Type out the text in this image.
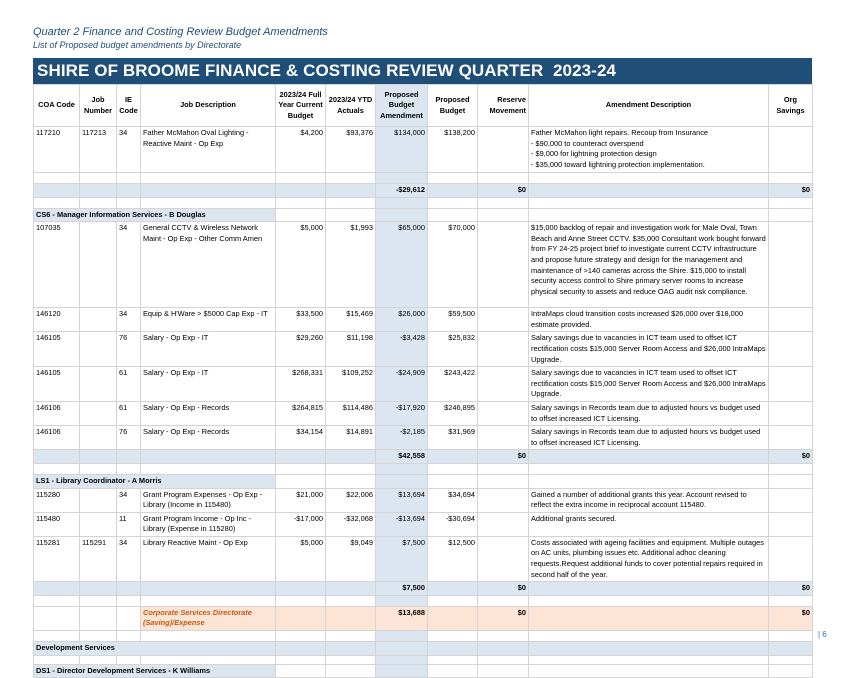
Quarter 2 Finance and Costing Review Budget Amendments
List of Proposed budget amendments by Directorate
SHIRE OF BROOME FINANCE & COSTING REVIEW QUARTER  2023-24
COA Code	Job Number	IE Code	Job Description	2023/24 Full Year Current Budget	2023/24 YTD Actuals	Proposed Budget Amendment	Proposed Budget	Reserve Movement	Amendment Description	Org Savings
117210	117213	34	Father McMahon Oval Lighting - Reactive Maint - Op Exp	$4,200	$93,376	$134,000	$138,200		Father McMahon light repairs. Recoup from Insurance
- $90,000 to counteract overspend
- $9,000 for lightning protection design
- $35,000 toward lightning protection implementation.	

						-$29,612		$0		$0

CS6 - Manager Information Services - B Douglas										
107035		34	General CCTV & Wireless Network Maint - Op Exp - Other Comm Amen	$5,000	$1,993	$65,000	$70,000		$15,000 backlog of repair and investigation work for Male Oval, Town Beach and Anne Street CCTV. $35,000 Consultant work bought forward from FY 24-25 project brief to investigate current CCTV infrastructure and propose future strategy and design for the management and maintenance of >140 cameras across the Shire. $15,000 to install security access control to Shire primary server rooms to increase physical security to assets and reduce OAG audit risk compliance.	
146120		34	Equip & H'Ware > $5000 Cap Exp - IT	$33,500	$15,469	$26,000	$59,500		IntraMaps cloud transition costs increased $26,000 over $18,000 estimate provided.	
146105		76	Salary - Op Exp - IT	$29,260	$11,198	-$3,428	$25,832		Salary savings due to vacancies in ICT team used to offset ICT rectification costs $15,000 Server Room Access and $26,000 IntraMaps Upgrade.	
146105		61	Salary - Op Exp - IT	$268,331	$109,252	-$24,909	$243,422		Salary savings due to vacancies in ICT team used to offset ICT rectification costs $15,000 Server Room Access and $26,000 IntraMaps Upgrade.	
146106		61	Salary - Op Exp - Records	$264,815	$114,486	-$17,920	$246,895		Salary savings in Records team due to adjusted hours vs budget used to offset increased ICT Licensing.	
146106		76	Salary - Op Exp - Records	$34,154	$14,891	-$2,185	$31,969		Salary savings in Records team due to adjusted hours vs budget used to offset increased ICT Licensing.	
						$42,558		$0		$0

LS1 - Library Coordinator - A Morris										
115280		34	Grant Program Expenses - Op Exp - Library (Income in 115480)	$21,000	$22,006	$13,694	$34,694		Gained a number of additional grants this year. Account revised to reflect the extra income in reciprocal account 115480.	
115480		11	Grant Program Income - Op Inc - Library (Expense in 115280)	-$17,000	-$32,068	-$13,694	-$30,694		Additional grants secured.	
115281	115291	34	Library Reactive Maint - Op Exp	$5,000	$9,049	$7,500	$12,500		Costs associated with ageing facilities and equipment. Multiple outages on AC units, plumbing issues etc. Additional adhoc cleaning requests.Request additional funds to cover potential repairs required in second half of the year.	
						$7,500		$0		$0

			Corporate Services Directorate (Saving)/Expense			$13,688		$0		$0

Development Services										

DS1 - Director Development Services - K Williams										
| 6
